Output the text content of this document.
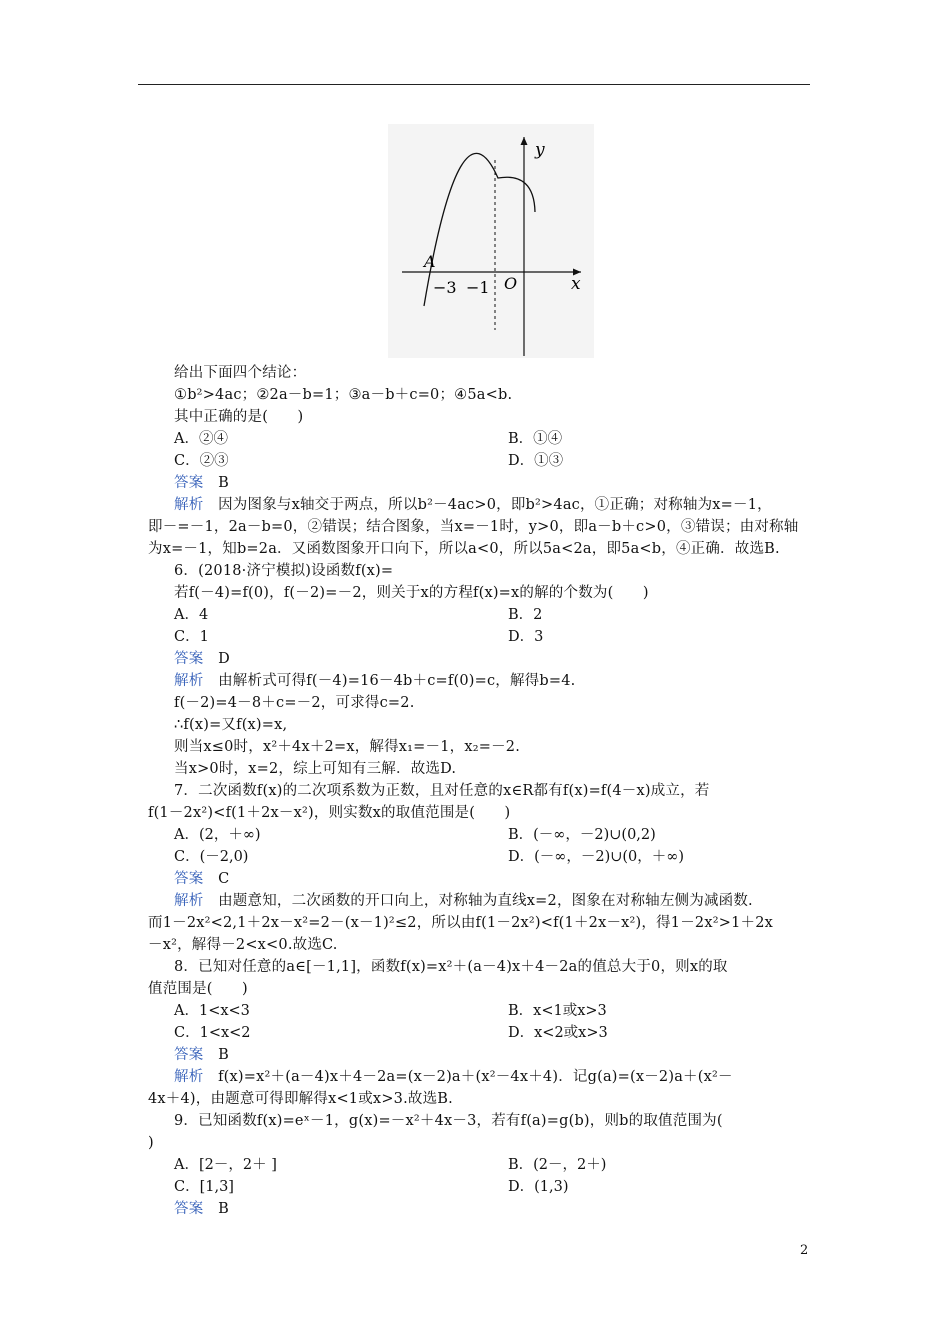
A
y
x
−3 −1 O
给出下面四个结论：
①b²>4ac；②2a－b=1；③a－b＋c=0；④5a<b.
其中正确的是(　　)
A．②④	B．①④
C．②③	D．①③
答案　 B
解析　 因为图象与x轴交于两点，所以b²－4ac>0，即b²>4ac，①正确；对称轴为x=－1，
即－=－1，2a－b=0，②错误；结合图象，当x=－1时，y>0，即a－b＋c>0，③错误；由对称轴
为x=－1，知b=2a．又函数图象开口向下，所以a<0，所以5a<2a，即5a<b，④正确．故选B.
6．(2018·济宁模拟)设函数f(x)=
若f(－4)=f(0)，f(－2)=－2，则关于x的方程f(x)=x的解的个数为(　　)
A．4	B．2
C．1	D．3
答案　 D
解析　 由解析式可得f(－4)=16－4b＋c=f(0)=c，解得b=4.
f(－2)=4－8＋c=－2，可求得c=2.
∴f(x)=又f(x)=x,
则当x≤0时，x²＋4x＋2=x，解得x₁=－1，x₂=－2.
当x>0时，x=2，综上可知有三解．故选D.
7．二次函数f(x)的二次项系数为正数，且对任意的x∈R都有f(x)=f(4－x)成立，若
f(1－2x²)<f(1＋2x－x²)，则实数x的取值范围是(　　)
A．(2，＋∞)	B．(－∞，－2)∪(0,2)
C．(－2,0)	D．(－∞，－2)∪(0，＋∞)
答案　 C
解析　 由题意知，二次函数的开口向上，对称轴为直线x=2，图象在对称轴左侧为减函数.
而1－2x²<2,1＋2x－x²=2－(x－1)²≤2，所以由f(1－2x²)<f(1＋2x－x²)，得1－2x²>1＋2x
－x²，解得－2<x<0.故选C.
8．已知对任意的a∈[－1,1]，函数f(x)=x²＋(a－4)x＋4－2a的值总大于0，则x的取
值范围是(　　)
A．1<x<3	B．x<1或x>3
C．1<x<2	D．x<2或x>3
答案　 B
解析　 f(x)=x²＋(a－4)x＋4－2a=(x－2)a＋(x²－4x＋4)．记g(a)=(x－2)a＋(x²－
4x＋4)，由题意可得即解得x<1或x>3.故选B.
9．已知函数f(x)=eˣ－1，g(x)=－x²＋4x－3，若有f(a)=g(b)，则b的取值范围为(
)
A．[2－，2＋ ]	B．(2－，2＋)
C．[1,3]	D．(1,3)
答案　 B
2
